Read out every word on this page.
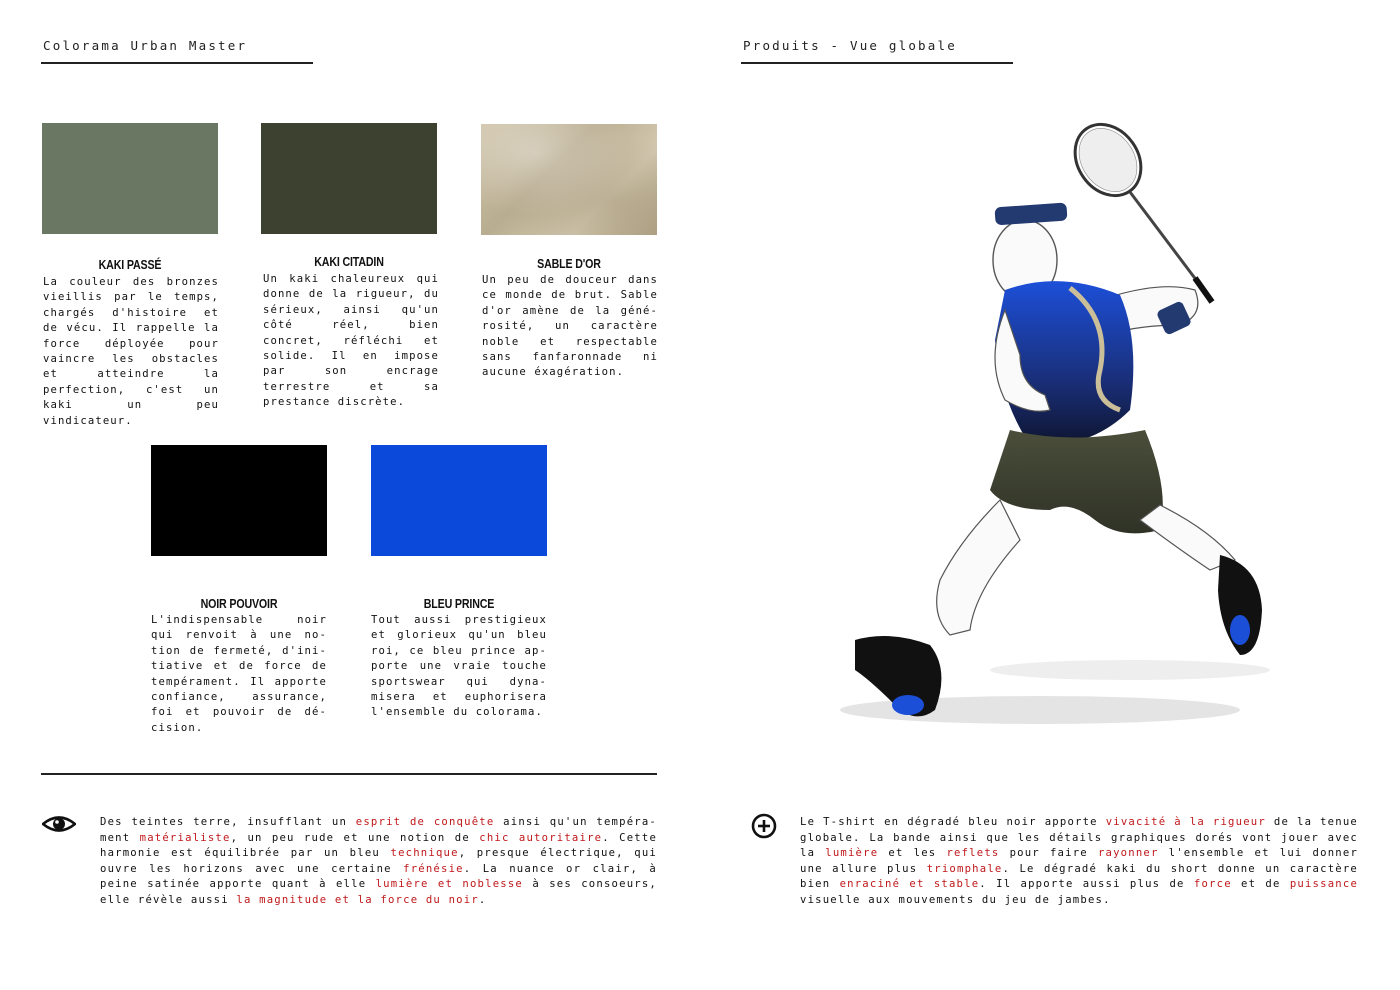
Colorama Urban Master	Produits - Vue globale
KAKI PASSÉ

La couleur des bronzes vieillis par le temps, chargés d'histoire et de vécu. Il rappelle la force déployée pour vaincre les obstacles et atteindre la perfection, c'est un kaki un peu vindicateur.

KAKI CITADIN

Un kaki chaleureux qui donne de la rigueur, du sérieux, ainsi qu'un côté réel, bien concret, réfléchi et solide. Il en impose par son encrage terrestre et sa prestance discrète.

SABLE D'OR

Un peu de douceur dans ce monde de brut. Sable d'or amène de la géné-rosité, un caractère noble et respectable sans fanfaronnade ni aucune éxagération.

NOIR POUVOIR

L'indispensable noir qui renvoit à une no-tion de fermeté, d'ini-tiative et de force de tempérament. Il apporte confiance, assurance, foi et pouvoir de dé-cision.

BLEU PRINCE

Tout aussi prestigieux et glorieux qu'un bleu roi, ce bleu prince ap-porte une vraie touche sportswear qui dyna-misera et euphorisera l'ensemble du colorama.

Des teintes terre, insufflant un esprit de conquête ainsi qu'un tempéra-ment matérialiste, un peu rude et une notion de chic autoritaire. Cette harmonie est équilibrée par un bleu technique, presque électrique, qui ouvre les horizons avec une certaine frénésie. La nuance or clair, à peine satinée apporte quant à elle lumière et noblesse à ses consoeurs, elle révèle aussi la magnitude et la force du noir.

Le T-shirt en dégradé bleu noir apporte vivacité à la rigueur de la tenue globale. La bande ainsi que les détails graphiques dorés vont jouer avec la lumière et les reflets pour faire rayonner l'ensemble et lui donner une allure plus triomphale. Le dégradé kaki du short donne un caractère bien enraciné et stable. Il apporte aussi plus de force et de puissance visuelle aux mouvements du jeu de jambes.
